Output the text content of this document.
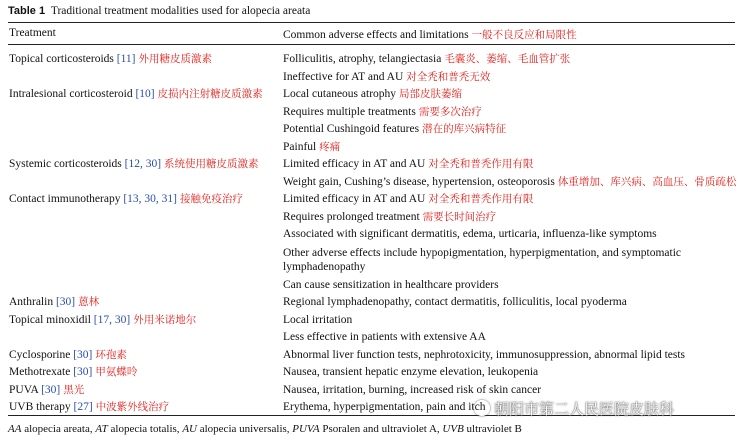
Table 1 Traditional treatment modalities used for alopecia areata
Treatment	Common adverse effects and limitations 一般不良反应和局限性
Topical corticosteroids [11] 外用糖皮质激素	Folliculitis, atrophy, telangiectasia 毛囊炎、萎缩、毛血管扩张
Ineffective for AT and AU 对全秃和普秃无效
Intralesional corticosteroid [10] 皮损内注射糖皮质激素 Local cutaneous atrophy 局部皮肤萎缩
Requires multiple treatments 需要多次治疗
Potential Cushingoid features 潜在的库兴病特征
Painful 疼痛
Systemic corticosteroids [12, 30] 系统使用糖皮质激素 Limited efficacy in AT and AU 对全秃和普秃作用有限
Weight gain, Cushing’s disease, hypertension, osteoporosis 体重增加、库兴病、高血压、骨质疏松
Contact immunotherapy [13, 30, 31] 接触免疫治疗	Limited efficacy in AT and AU 对全秃和普秃作用有限
Requires prolonged treatment 需要长时间治疗
Associated with significant dermatitis, edema, urticaria, influenza-like symptoms
Other adverse effects include hypopigmentation, hyperpigmentation, and symptomatic lymphadenopathy
Can cause sensitization in healthcare providers
Anthralin [30] 蒽林	Regional lymphadenopathy, contact dermatitis, folliculitis, local pyoderma
Topical minoxidil [17, 30] 外用米诺地尔	Local irritation
Less effective in patients with extensive AA
Cyclosporine [30] 环孢素	Abnormal liver function tests, nephrotoxicity, immunosuppression, abnormal lipid tests
Methotrexate [30] 甲氨蝶呤	Nausea, transient hepatic enzyme elevation, leukopenia
PUVA [30] 黑光	Nausea, irritation, burning, increased risk of skin cancer
UVB therapy [27] 中波紫外线治疗	Erythema, hyperpigmentation, pain and itch
AA alopecia areata, AT alopecia totalis, AU alopecia universalis, PUVA Psoralen and ultraviolet A, UVB ultraviolet B
朝阳市第二人民医院皮肤科
